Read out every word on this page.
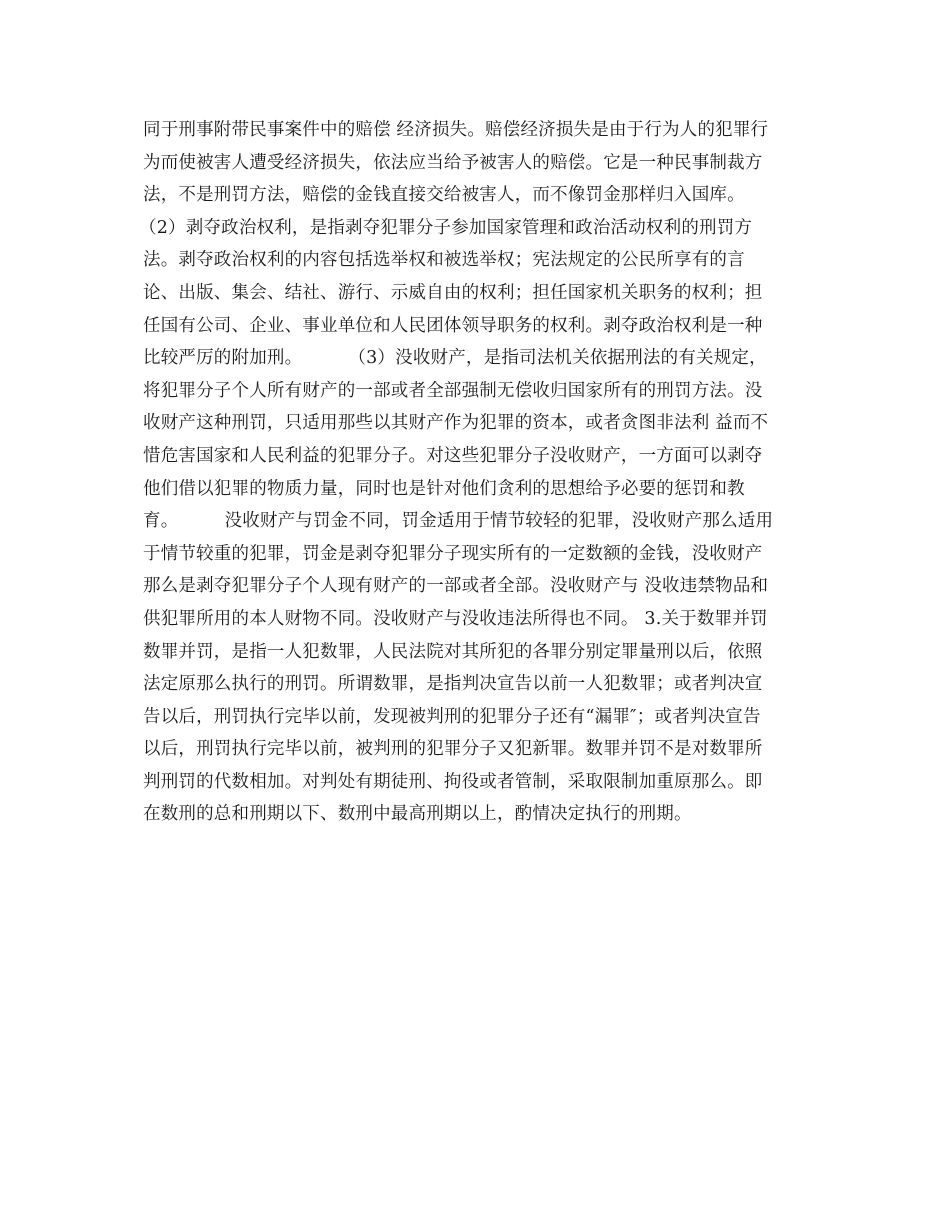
同于刑事附带民事案件中的赔偿 经济损失。赔偿经济损失是由于行为人的犯罪行
为而使被害人遭受经济损失，依法应当给予被害人的赔偿。它是一种民事制裁方
法，不是刑罚方法，赔偿的金钱直接交给被害人，而不像罚金那样归入国库。
（2）剥夺政治权利，是指剥夺犯罪分子参加国家管理和政治活动权利的刑罚方
法。剥夺政治权利的内容包括选举权和被选举权；宪法规定的公民所享有的言
论、出版、集会、结社、游行、示威自由的权利；担任国家机关职务的权利；担
任国有公司、企业、事业单位和人民团体领导职务的权利。剥夺政治权利是一种
比较严厉的附加刑。        （3）没收财产，是指司法机关依据刑法的有关规定，
将犯罪分子个人所有财产的一部或者全部强制无偿收归国家所有的刑罚方法。没
收财产这种刑罚，只适用那些以其财产作为犯罪的资本，或者贪图非法利 益而不
惜危害国家和人民利益的犯罪分子。对这些犯罪分子没收财产，一方面可以剥夺
他们借以犯罪的物质力量，同时也是针对他们贪利的思想给予必要的惩罚和教
育。        没收财产与罚金不同，罚金适用于情节较轻的犯罪，没收财产那么适用
于情节较重的犯罪，罚金是剥夺犯罪分子现实所有的一定数额的金钱，没收财产
那么是剥夺犯罪分子个人现有财产的一部或者全部。没收财产与 没收违禁物品和
供犯罪所用的本人财物不同。没收财产与没收违法所得也不同。 3.关于数罪并罚
数罪并罚，是指一人犯数罪，人民法院对其所犯的各罪分别定罪量刑以后，依照
法定原那么执行的刑罚。所谓数罪，是指判决宣告以前一人犯数罪；或者判决宣
告以后，刑罚执行完毕以前，发现被判刑的犯罪分子还有“漏罪″；或者判决宣告
以后，刑罚执行完毕以前，被判刑的犯罪分子又犯新罪。数罪并罚不是对数罪所
判刑罚的代数相加。对判处有期徒刑、拘役或者管制，采取限制加重原那么。即
在数刑的总和刑期以下、数刑中最高刑期以上，酌情决定执行的刑期。
